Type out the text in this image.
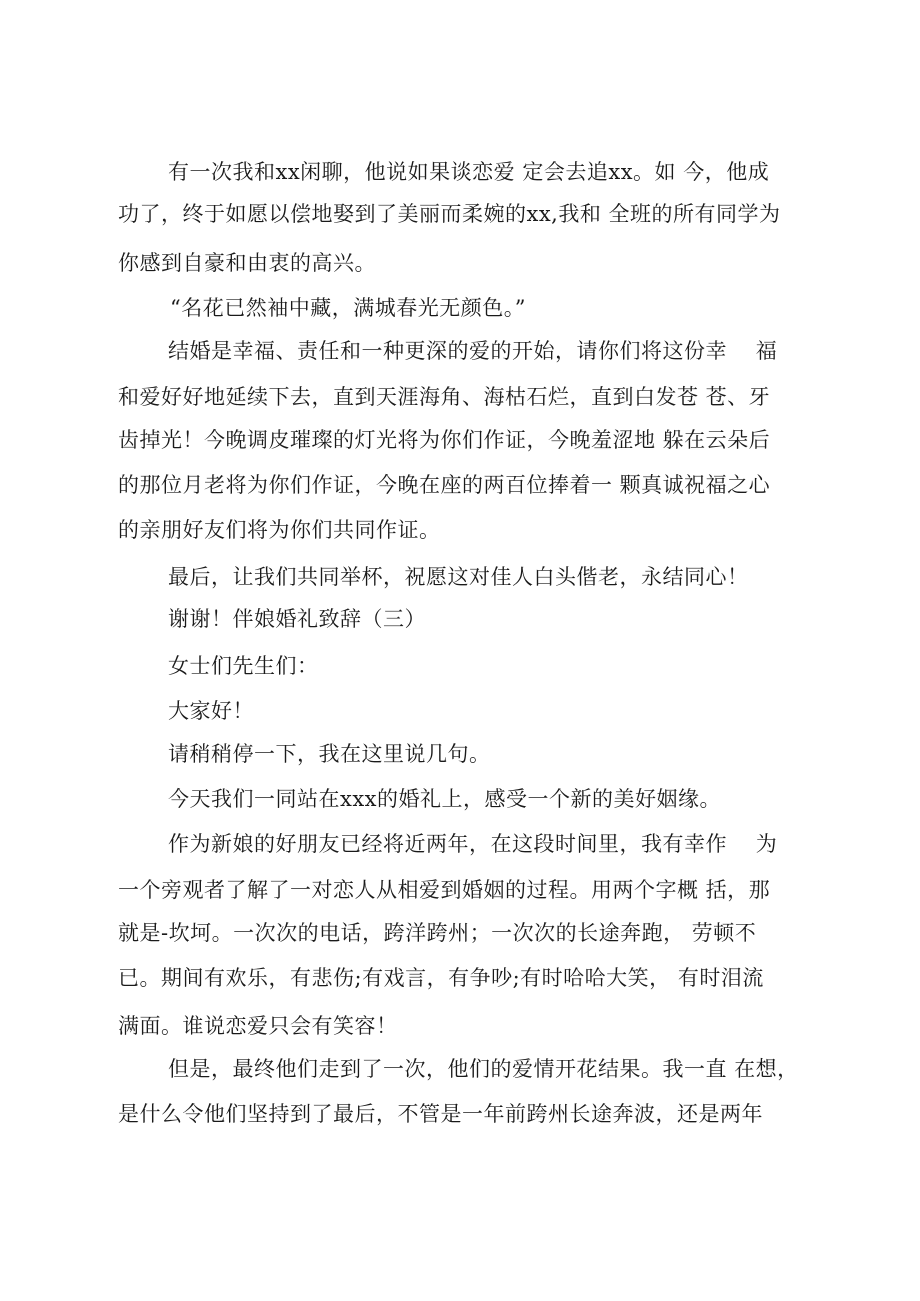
有一次我和xx闲聊，他说如果谈恋爱 定会去追xx。如 今，他成
功了，终于如愿以偿地娶到了美丽而柔婉的xx,我和 全班的所有同学为
你感到自豪和由衷的高兴。
“名花已然袖中藏，满城春光无颜色。”
结婚是幸福、责任和一种更深的爱的开始，请你们将这份幸    福
和爱好好地延续下去，直到天涯海角、海枯石烂，直到白发苍 苍、牙
齿掉光！今晚调皮璀璨的灯光将为你们作证，今晚羞涩地 躲在云朵后
的那位月老将为你们作证，今晚在座的两百位捧着一 颗真诚祝福之心
的亲朋好友们将为你们共同作证。
最后，让我们共同举杯，祝愿这对佳人白头偕老，永结同心！
谢谢！伴娘婚礼致辞（三）
女士们先生们：
大家好！
请稍稍停一下，我在这里说几句。
今天我们一同站在xxx的婚礼上，感受一个新的美好姻缘。
作为新娘的好朋友已经将近两年，在这段时间里，我有幸作    为
一个旁观者了解了一对恋人从相爱到婚姻的过程。用两个字概 括，那
就是-坎坷。一次次的电话，跨洋跨州；一次次的长途奔跑， 劳顿不
已。期间有欢乐，有悲伤;有戏言，有争吵;有时哈哈大笑， 有时泪流
满面。谁说恋爱只会有笑容！
但是，最终他们走到了一次，他们的爱情开花结果。我一直 在想，
是什么令他们坚持到了最后，不管是一年前跨州长途奔波，还是两年
